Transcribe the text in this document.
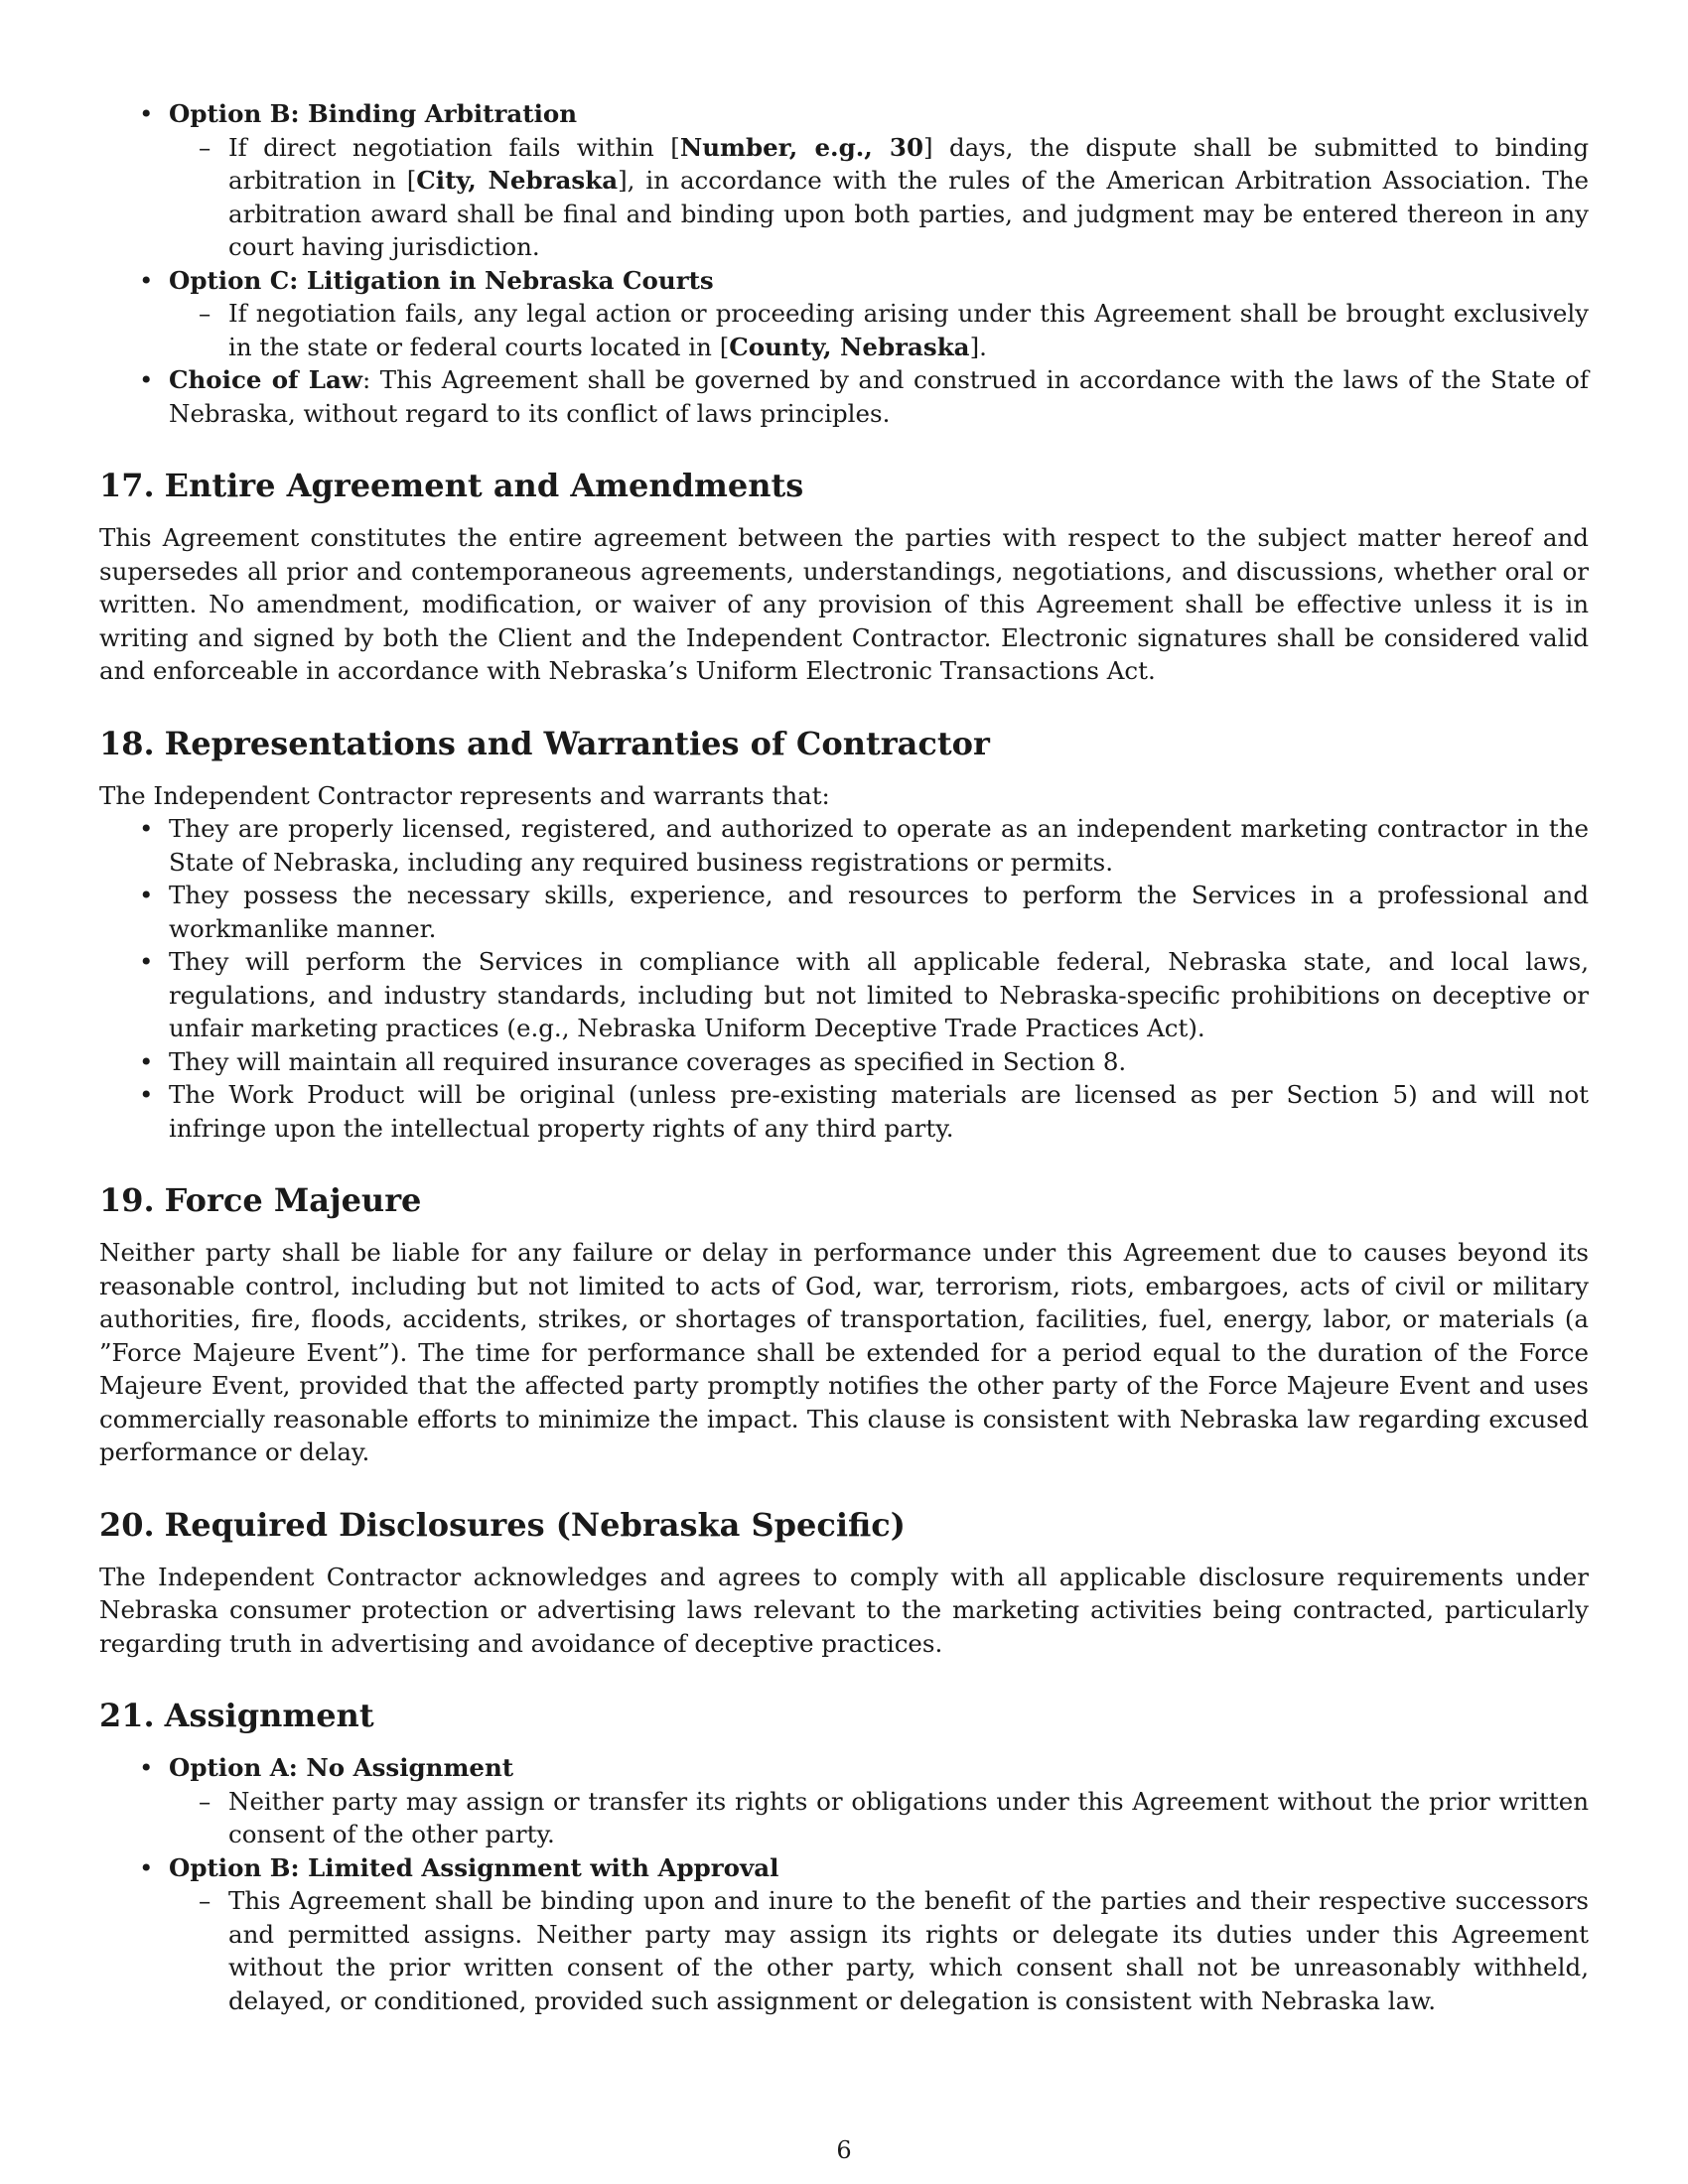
• Option B: Binding Arbitration
– If direct negotiation fails within [Number, e.g., 30] days, the dispute shall be submitted to binding arbitration in [City, Nebraska], in accordance with the rules of the American Arbitration Association. The arbitration award shall be final and binding upon both parties, and judgment may be entered thereon in any court having jurisdiction.
• Option C: Litigation in Nebraska Courts
– If negotiation fails, any legal action or proceeding arising under this Agreement shall be brought exclusively in the state or federal courts located in [County, Nebraska].
• Choice of Law: This Agreement shall be governed by and construed in accordance with the laws of the State of Nebraska, without regard to its conflict of laws principles.
17. Entire Agreement and Amendments

This Agreement constitutes the entire agreement between the parties with respect to the subject matter hereof and supersedes all prior and contemporaneous agreements, understandings, negotiations, and discussions, whether oral or written. No amendment, modification, or waiver of any provision of this Agreement shall be effective unless it is in writing and signed by both the Client and the Independent Contractor. Electronic signatures shall be considered valid and enforceable in accordance with Nebraska’s Uniform Electronic Transactions Act.

18. Representations and Warranties of Contractor

The Independent Contractor represents and warrants that:

• They are properly licensed, registered, and authorized to operate as an independent marketing contractor in the State of Nebraska, including any required business registrations or permits.
• They possess the necessary skills, experience, and resources to perform the Services in a professional and workmanlike manner.
• They will perform the Services in compliance with all applicable federal, Nebraska state, and local laws, regulations, and industry standards, including but not limited to Nebraska-specific prohibitions on deceptive or unfair marketing practices (e.g., Nebraska Uniform Deceptive Trade Practices Act).
• They will maintain all required insurance coverages as specified in Section 8.
• The Work Product will be original (unless pre-existing materials are licensed as per Section 5) and will not infringe upon the intellectual property rights of any third party.
19. Force Majeure

Neither party shall be liable for any failure or delay in performance under this Agreement due to causes beyond its reasonable control, including but not limited to acts of God, war, terrorism, riots, embargoes, acts of civil or military authorities, fire, floods, accidents, strikes, or shortages of transportation, facilities, fuel, energy, labor, or materials (a ”Force Majeure Event”). The time for performance shall be extended for a period equal to the duration of the Force Majeure Event, provided that the affected party promptly notifies the other party of the Force Majeure Event and uses commercially reasonable efforts to minimize the impact. This clause is consistent with Nebraska law regarding excused performance or delay.

20. Required Disclosures (Nebraska Specific)

The Independent Contractor acknowledges and agrees to comply with all applicable disclosure requirements under Nebraska consumer protection or advertising laws relevant to the marketing activities being contracted, particularly regarding truth in advertising and avoidance of deceptive practices.

21. Assignment
• Option A: No Assignment
– Neither party may assign or transfer its rights or obligations under this Agreement without the prior written consent of the other party.
• Option B: Limited Assignment with Approval
– This Agreement shall be binding upon and inure to the benefit of the parties and their respective successors and permitted assigns. Neither party may assign its rights or delegate its duties under this Agreement without the prior written consent of the other party, which consent shall not be unreasonably withheld, delayed, or conditioned, provided such assignment or delegation is consistent with Nebraska law.
6
